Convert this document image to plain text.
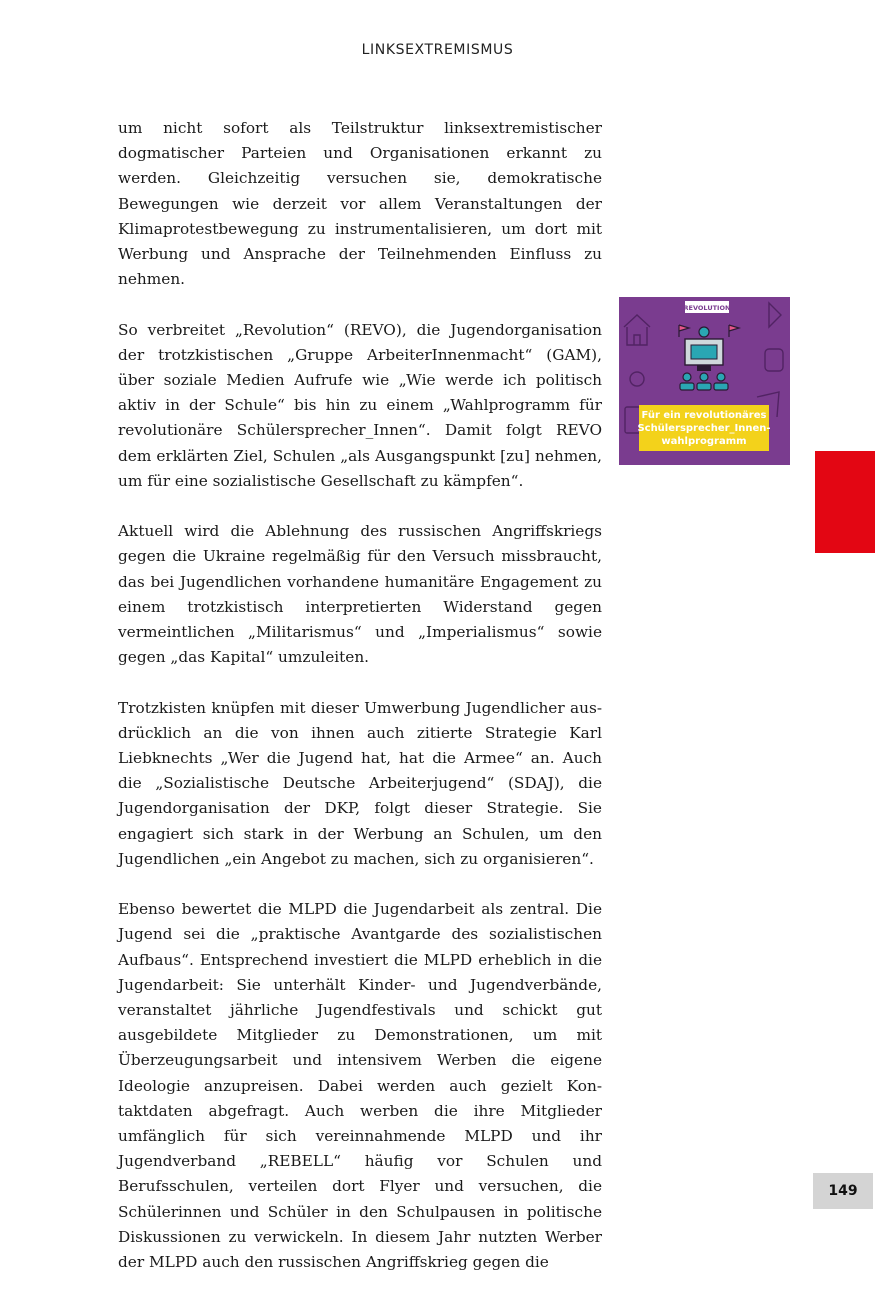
LINKSEXTREMISMUS

um nicht sofort als Teilstruktur linksextremistischer dogmatischer Parteien und Organisationen erkannt zu werden. Gleichzeitig versuchen sie, demokratische Bewegungen wie derzeit vor allem Veranstaltungen der Klimaprotestbewegung zu instrumentalisieren, um dort mit Werbung und Ansprache der Teilnehmenden Einfluss zu nehmen.

So verbreitet „Revolution“ (REVO), die Jugendorganisation der trotzkistischen „Gruppe ArbeiterInnenmacht“ (GAM), über soziale Medien Aufrufe wie „Wie werde ich politisch aktiv in der Schule“ bis hin zu einem „Wahlprogramm für revolutionäre Schülersprecher_Innen“. Damit folgt REVO dem erklärten Ziel, Schulen „als Ausgangspunkt [zu] nehmen, um für eine sozialistische Gesellschaft zu kämpfen“.

Aktuell wird die Ablehnung des russischen Angriffskriegs gegen die Ukraine regelmäßig für den Versuch missbraucht, das bei Jugendlichen vorhandene humanitäre Engagement zu einem trotzkistisch interpretierten Widerstand gegen vermeintlichen „Militarismus“ und „Imperialismus“ sowie gegen „das Kapital“ umzuleiten.

Trotzkisten knüpfen mit dieser Umwerbung Jugendlicher ausdrücklich an die von ihnen auch zitierte Strategie Karl Liebknechts „Wer die Jugend hat, hat die Armee“ an. Auch die „Sozialistische Deutsche Arbeiterjugend“ (SDAJ), die Jugendorganisation der DKP, folgt dieser Strategie. Sie engagiert sich stark in der Werbung an Schulen, um den Jugendlichen „ein Angebot zu machen, sich zu organisieren“.

Ebenso bewertet die MLPD die Jugendarbeit als zentral. Die Jugend sei die „praktische Avantgarde des sozialistischen Aufbaus“. Entsprechend investiert die MLPD erheblich in die Jugendarbeit: Sie unterhält Kinder- und Jugendverbände, veranstaltet jährliche Jugendfestivals und schickt gut ausgebildete Mitglieder zu Demonstrationen, um mit Überzeugungsarbeit und intensivem Werben die eigene Ideologie anzupreisen. Dabei werden auch gezielt Kontaktdaten abgefragt. Auch werben die ihre Mitglieder umfänglich für sich vereinnahmende MLPD und ihr Jugendverband „REBELL“ häufig vor Schulen und Berufsschulen, verteilen dort Flyer und versuchen, die Schülerinnen und Schüler in den Schulpausen in politische Diskussionen zu verwickeln. In diesem Jahr nutzten Werber der MLPD auch den russischen Angriffskrieg gegen die

REVOLUTION
Für ein revolutionäres
Schülersprecher_Innen-
wahlprogramm
149
